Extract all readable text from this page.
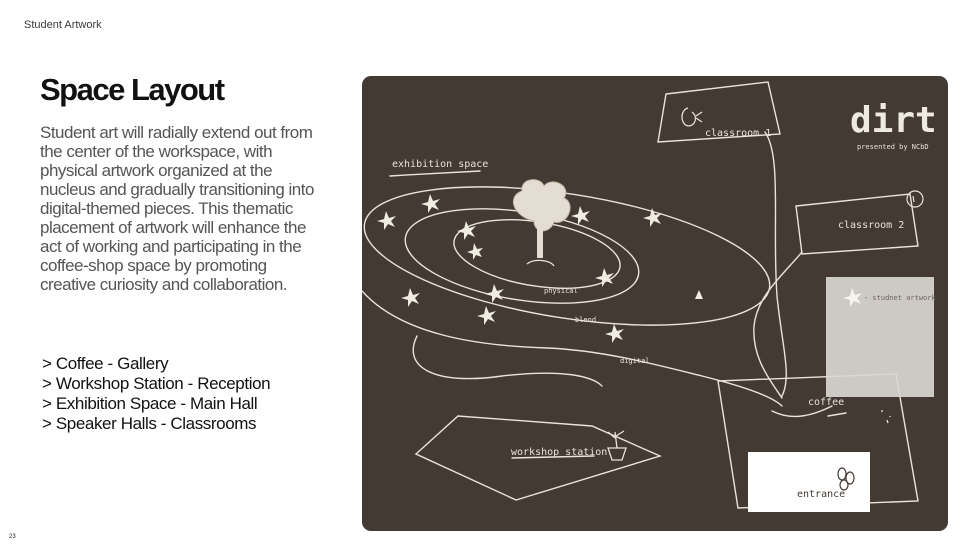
Student Artwork
Space Layout
Student art will radially extend out from the center of the workspace, with physical artwork organized at the nucleus and gradually transitioning into digital-themed pieces. This thematic placement of artwork will enhance the act of working and participating in the coffee-shop space by promoting creative curiosity and collaboration.
> Coffee - Gallery
> Workshop Station - Reception
> Exhibition Space - Main Hall
> Speaker Halls - Classrooms
23
dirt
presented by NCbD
- studnet artwork
exhibition space
classroom 1
classroom 2
physical
blend
digital
coffee
workshop station
entrance
